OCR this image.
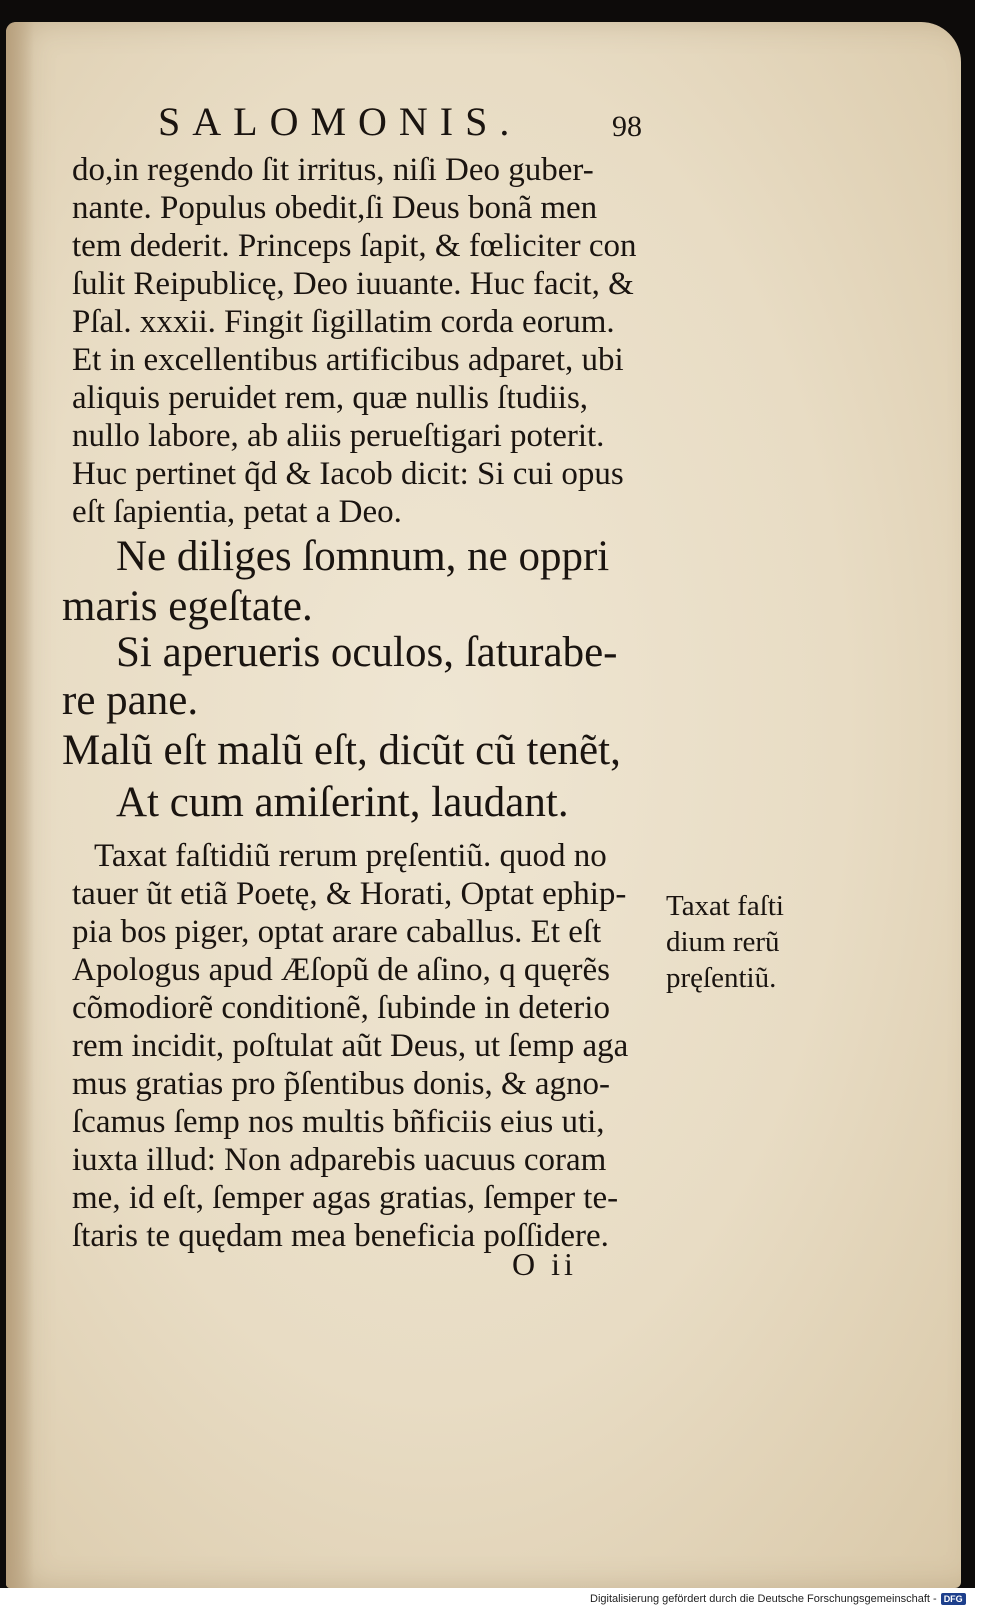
SALOMONIS.	98
do,in regendo ſit irritus, niſi Deo guber-
nante. Populus obedit,ſi Deus bonã men
tem dederit. Princeps ſapit, & fœliciter con
ſulit Reipublicę, Deo iuuante. Huc facit, &
Pſal. xxxii. Fingit ſigillatim corda eorum.
Et in excellentibus artificibus adparet, ubi
aliquis peruidet rem, quæ nullis ſtudiis,
nullo labore, ab aliis perueſtigari poterit.
Huc pertinet q̃d & Iacob dicit: Si cui opus
eſt ſapientia, petat a Deo.
Ne diliges ſomnum, ne oppri
maris egeſtate.
Si aperueris oculos, ſaturabe-
re pane.
Malũ eſt malũ eſt, dicũt cũ tenẽt,
At cum amiſerint, laudant.
Taxat faſtidiũ rerum pręſentiũ. quod no
tauer ũt etiã Poetę, & Horati, Optat ephip-
pia bos piger, optat arare caballus. Et eſt
Apologus apud Æſopũ de aſino, q quęrẽs
cõmodiorẽ conditionẽ, ſubinde in deterio
rem incidit, poſtulat aũt Deus, ut ſemp aga
mus gratias pro p̃ſentibus donis, & agno-
ſcamus ſemp nos multis bñficiis eius uti,
iuxta illud: Non adparebis uacuus coram
me, id eſt, ſemper agas gratias, ſemper te-
ſtaris te quędam mea beneficia poſſidere.
O ii
Taxat faſti
dium rerũ
pręſentiũ.
Digitalisierung gefördert durch die Deutsche Forschungsgemeinschaft - DFG
